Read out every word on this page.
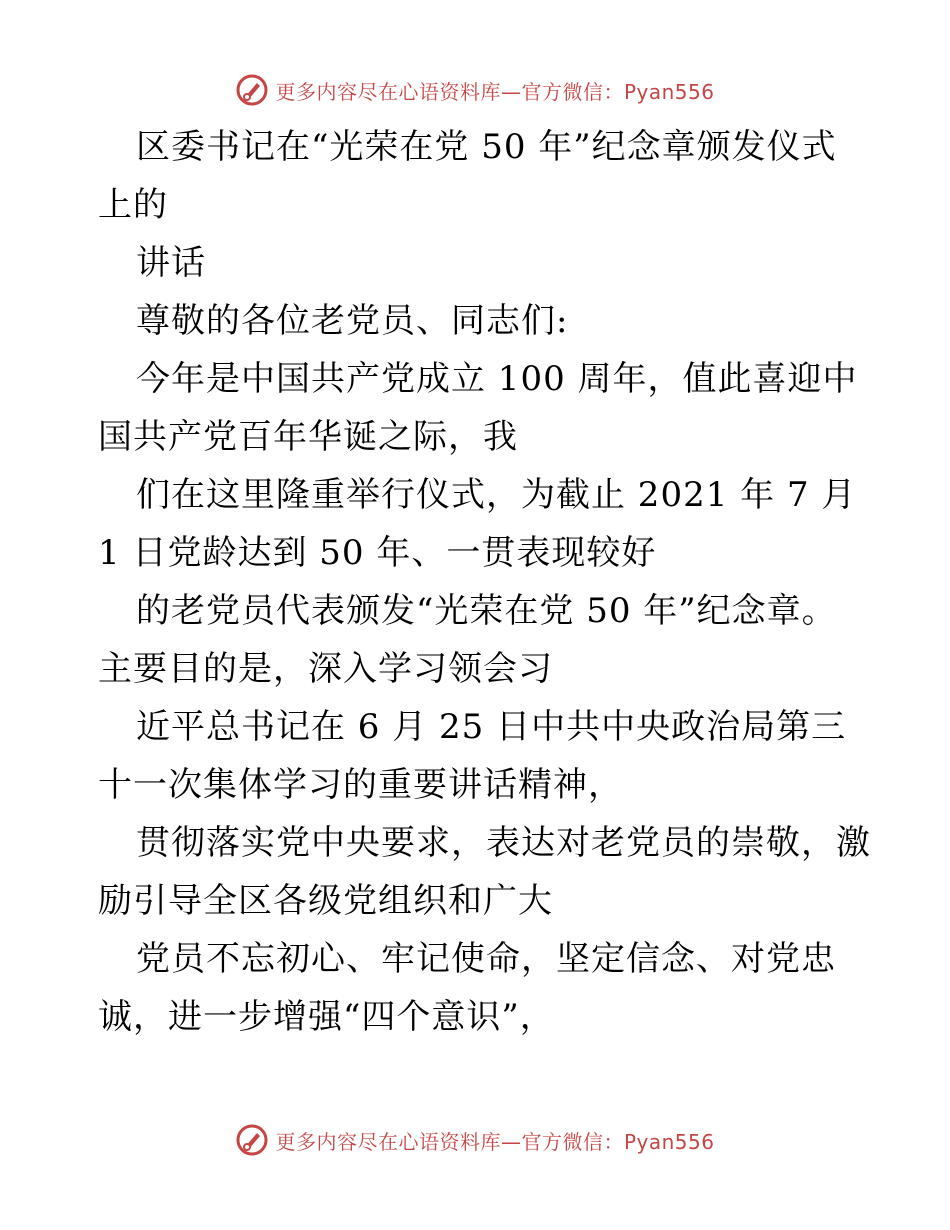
更多内容尽在心语资料库—官方微信：Pyan556
区委书记在“光荣在党 50 年”纪念章颁发仪式
上的
讲话
尊敬的各位老党员、同志们:
今年是中国共产党成立 100 周年，值此喜迎中
国共产党百年华诞之际，我
们在这里隆重举行仪式，为截止 2021 年 7 月
1 日党龄达到 50 年、一贯表现较好
的老党员代表颁发“光荣在党 50 年”纪念章。
主要目的是，深入学习领会习
近平总书记在 6 月 25 日中共中央政治局第三
十一次集体学习的重要讲话精神，
贯彻落实党中央要求，表达对老党员的崇敬，激
励引导全区各级党组织和广大
党员不忘初心、牢记使命，坚定信念、对党忠
诚，进一步增强“四个意识”，
更多内容尽在心语资料库—官方微信：Pyan556
